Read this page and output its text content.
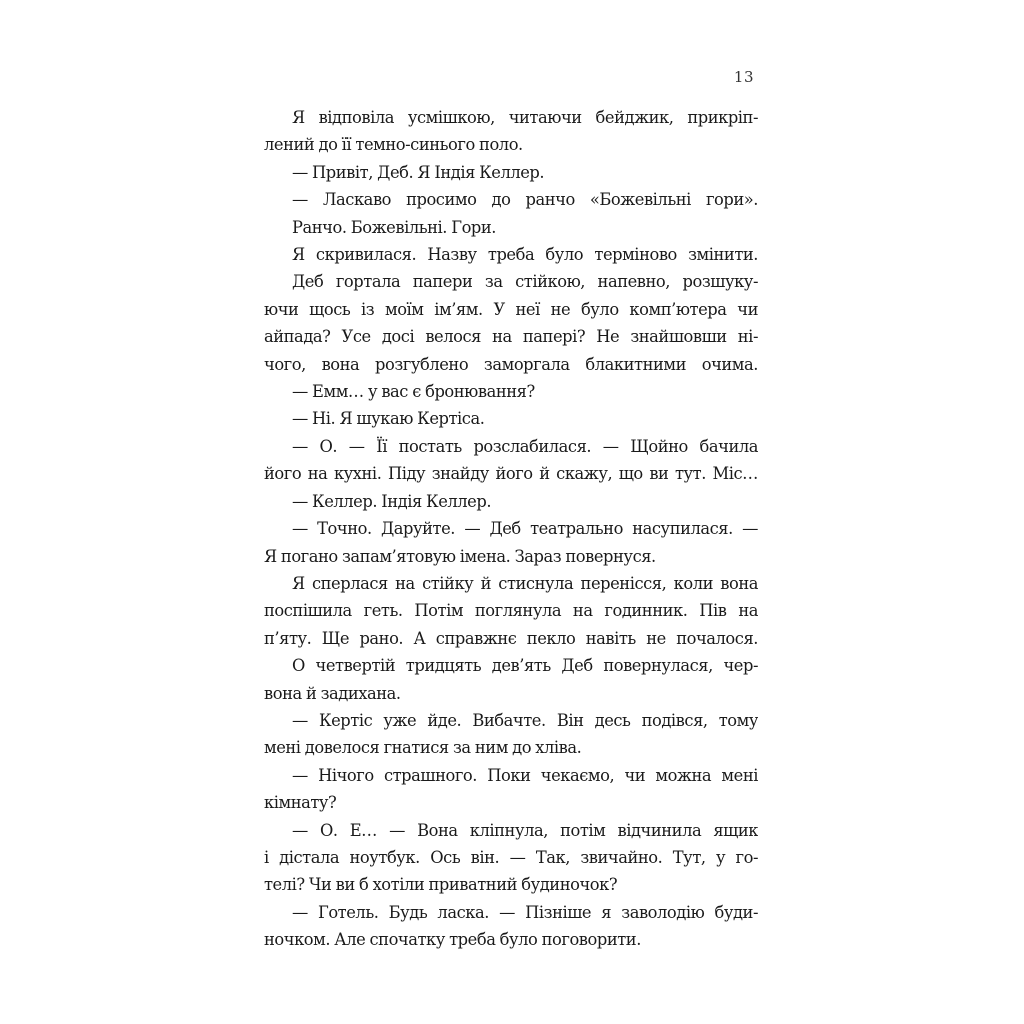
13
Я відповіла усмішкою, читаючи бейджик, прикріп-
лений до її темно-синього поло.
— Привіт, Деб. Я Індія Келлер.
— Ласкаво просимо до ранчо «Божевільні гори».
Ранчо. Божевільні. Гори.
Я скривилася. Назву треба було терміново змінити.
Деб гортала папери за стійкою, напевно, розшуку-
ючи щось із моїм ім’ям. У неї не було комп’ютера чи
айпада? Усе досі велося на папері? Не знайшовши ні-
чого, вона розгублено заморгала блакитними очима.
— Емм… у вас є бронювання?
— Ні. Я шукаю Кертіса.
— О. — Її постать розслабилася. — Щойно бачила
його на кухні. Піду знайду його й скажу, що ви тут. Міс…
— Келлер. Індія Келлер.
— Точно. Даруйте. — Деб театрально насупилася. —
Я погано запам’ятовую імена. Зараз повернуся.
Я сперлася на стійку й стиснула перенісся, коли вона
поспішила геть. Потім поглянула на годинник. Пів на
п’яту. Ще рано. А справжнє пекло навіть не почалося.
О четвертій тридцять дев’ять Деб повернулася, чер-
вона й задихана.
— Кертіс уже йде. Вибачте. Він десь подівся, тому
мені довелося гнатися за ним до хліва.
— Нічого страшного. Поки чекаємо, чи можна мені
кімнату?
— О. Е… — Вона кліпнула, потім відчинила ящик
і дістала ноутбук. Ось він. — Так, звичайно. Тут, у го-
телі? Чи ви б хотіли приватний будиночок?
— Готель. Будь ласка. — Пізніше я заволодію буди-
ночком. Але спочатку треба було поговорити.
